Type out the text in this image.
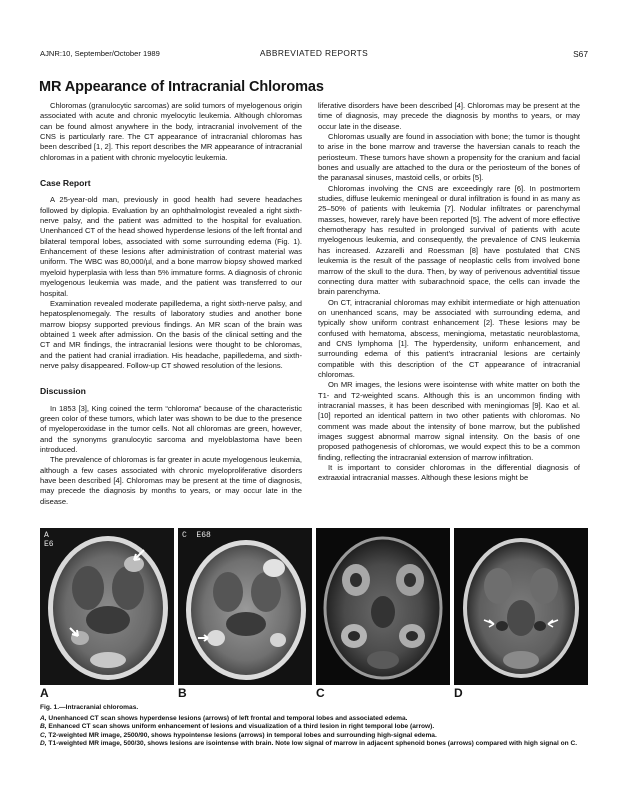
AJNR:10, September/October 1989	ABBREVIATED REPORTS	S67
MR Appearance of Intracranial Chloromas

Chloromas (granulocytic sarcomas) are solid tumors of myelogenous origin associated with acute and chronic myelocytic leukemia. Although chloromas can be found almost anywhere in the body, intracranial involvement of the CNS is particularly rare. The CT appearance of intracranial chloromas has been described [1, 2]. This report describes the MR appearance of intracranial chloromas in a patient with chronic myelocytic leukemia.

Case Report

A 25-year-old man, previously in good health had severe headaches followed by diplopia. Evaluation by an ophthalmologist revealed a right sixth-nerve palsy, and the patient was admitted to the hospital for evaluation. Unenhanced CT of the head showed hyperdense lesions of the left frontal and bilateral temporal lobes, associated with some surrounding edema (Fig. 1). Enhancement of these lesions after administration of contrast material was uniform. The WBC was 80,000/µl, and a bone marrow biopsy showed marked myeloid hyperplasia with less than 5% immature forms. A diagnosis of chronic myelogenous leukemia was made, and the patient was transferred to our hospital.

Examination revealed moderate papilledema, a right sixth-nerve palsy, and hepatosplenomegaly. The results of laboratory studies and another bone marrow biopsy supported previous findings. An MR scan of the brain was obtained 1 week after admission. On the basis of the clinical setting and the CT and MR findings, the intracranial lesions were thought to be chloromas, and the patient had cranial irradiation. His headache, papilledema, and sixth-nerve palsy disappeared. Follow-up CT showed resolution of the lesions.

Discussion

In 1853 [3], King coined the term “chloroma” because of the characteristic green color of these tumors, which later was shown to be due to the presence of myeloperoxidase in the tumor cells. Not all chloromas are green, however, and the synonyms granulocytic sarcoma and myeloblastoma have been introduced.

The prevalence of chloromas is far greater in acute myelogenous leukemia, although a few cases associated with chronic myeloproliferative disorders have been described [4]. Chloromas may be present at the time of diagnosis, may precede the diagnosis by months to years, or may occur late in the disease.

liferative disorders have been described [4]. Chloromas may be present at the time of diagnosis, may precede the diagnosis by months to years, or may occur late in the disease.

Chloromas usually are found in association with bone; the tumor is thought to arise in the bone marrow and traverse the haversian canals to reach the periosteum. These tumors have shown a propensity for the cranium and facial bones and usually are attached to the dura or the periosteum of the bones of the paranasal sinuses, mastoid cells, or orbits [5].

Chloromas involving the CNS are exceedingly rare [6]. In postmortem studies, diffuse leukemic meningeal or dural infiltration is found in as many as 25–50% of patients with leukemia [7]. Nodular infiltrates or parenchymal masses, however, rarely have been reported [5]. The advent of more effective chemotherapy has resulted in prolonged survival of patients with acute myelogenous leukemia, and consequently, the prevalence of CNS leukemia has increased. Azzarelli and Roessman [8] have postulated that CNS leukemia is the result of the passage of neoplastic cells from involved bone marrow of the skull to the dura. Then, by way of perivenous adventitial tissue connecting dura matter with subarachnoid space, the cells can invade the brain parenchyma.

On CT, intracranial chloromas may exhibit intermediate or high attenuation on unenhanced scans, may be associated with surrounding edema, and typically show uniform contrast enhancement [2]. These lesions may be confused with hematoma, abscess, meningioma, metastatic neuroblastoma, and CNS lymphoma [1]. The hyperdensity, uniform enhancement, and surrounding edema of this patient’s intracranial lesions are certainly compatible with this description of the CT appearance of intracranial chloromas.

On MR images, the lesions were isointense with white matter on both the T1- and T2-weighted scans. Although this is an uncommon finding with intracranial masses, it has been described with meningiomas [9]. Kao et al. [10] reported an identical pattern in two other patients with chloromas. No comment was made about the intensity of bone marrow, but the published images suggest abnormal marrow signal intensity. On the basis of one proposed pathogenesis of chloromas, we would expect this to be a common finding, reflecting the intracranial extension of marrow infiltration.

It is important to consider chloromas in the differential diagnosis of extraaxial intracranial masses. Although these lesions might be

A
E6
A
C  E68
B	C	D
Fig. 1.—Intracranial chloromas.
A, Unenhanced CT scan shows hyperdense lesions (arrows) of left frontal and temporal lobes and associated edema.
B, Enhanced CT scan shows uniform enhancement of lesions and visualization of a third lesion in right temporal lobe (arrow).
C, T2-weighted MR image, 2500/90, shows hypointense lesions (arrows) in temporal lobes and surrounding high-signal edema.
D, T1-weighted MR image, 500/30, shows lesions are isointense with brain. Note low signal of marrow in adjacent sphenoid bones (arrows) compared with high signal on C.
